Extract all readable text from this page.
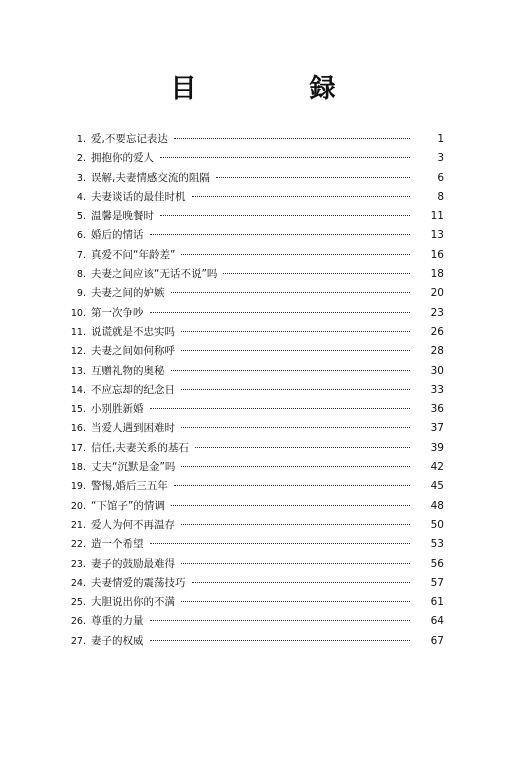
目 録
1. 爱,不要忘记表达	1
2. 拥抱你的爱人	3
3. 误解,夫妻情感交流的阻隔	6
4. 夫妻谈话的最佳时机	8
5. 温馨是晚餐时	11
6. 婚后的情话	13
7. 真爱不问“年龄差”	16
8. 夫妻之间应该“无话不说”吗	18
9. 夫妻之间的妒嫉	20
10. 第一次争吵	23
11. 说谎就是不忠实吗	26
12. 夫妻之间如何称呼	28
13. 互赠礼物的奥秘	30
14. 不应忘却的纪念日	33
15. 小别胜新婚	36
16. 当爱人遇到困难时	37
17. 信任,夫妻关系的基石	39
18. 丈夫“沉默是金”吗	42
19. 警惕,婚后三五年	45
20. “下馆子”的情调	48
21. 爱人为何不再温存	50
22. 造一个希望	53
23. 妻子的鼓励最难得	56
24. 夫妻情爱的震荡技巧	57
25. 大胆说出你的不满	61
26. 尊重的力量	64
27. 妻子的权威	67
